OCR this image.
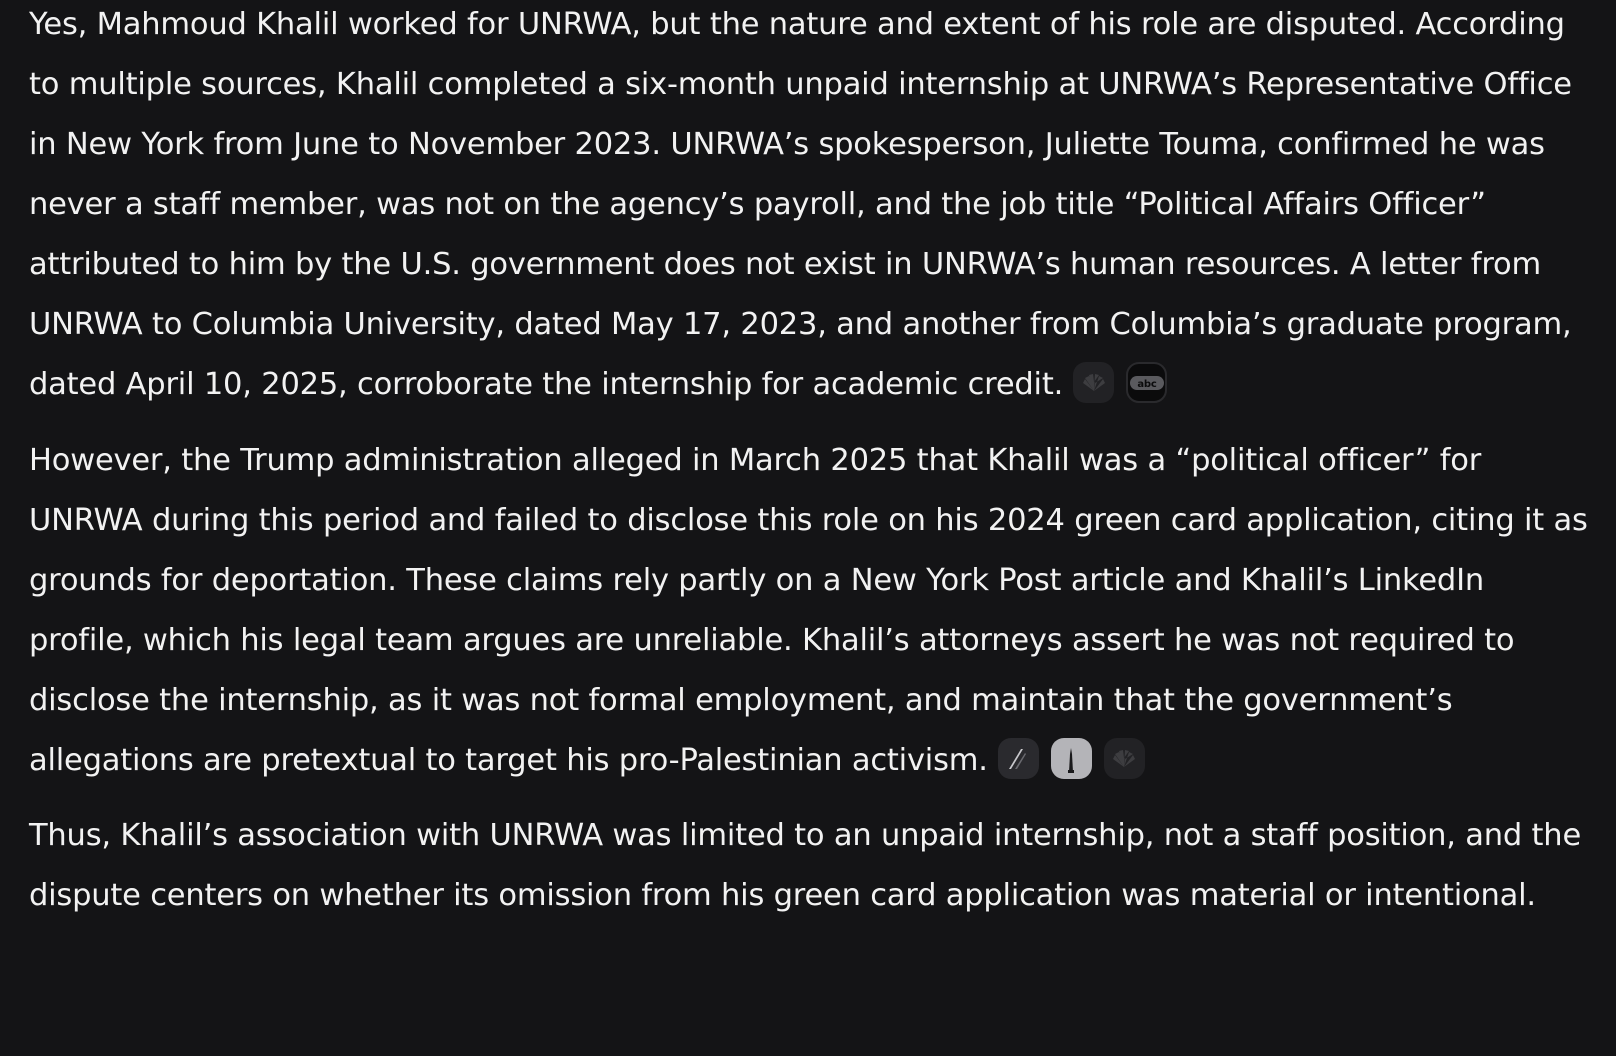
Yes, Mahmoud Khalil worked for UNRWA, but the nature and extent of his role are disputed. According to multiple sources, Khalil completed a six-month unpaid internship at UNRWA’s Representative Office in New York from June to November 2023. UNRWA’s spokesperson, Juliette Touma, confirmed he was never a staff member, was not on the agency’s payroll, and the job title “Political Affairs Officer” attributed to him by the U.S. government does not exist in UNRWA’s human resources. A letter from UNRWA to Columbia University, dated May 17, 2023, and another from Columbia’s graduate program, dated April 10, 2025, corroborate the internship for academic credit.	abc

However, the Trump administration alleged in March 2025 that Khalil was a “political officer” for UNRWA during this period and failed to disclose this role on his 2024 green card application, citing it as grounds for deportation. These claims rely partly on a New York Post article and Khalil’s LinkedIn profile, which his legal team argues are unreliable. Khalil’s attorneys assert he was not required to disclose the internship, as it was not formal employment, and maintain that the government’s allegations are pretextual to target his pro-Palestinian activism.

Thus, Khalil’s association with UNRWA was limited to an unpaid internship, not a staff position, and the dispute centers on whether its omission from his green card application was material or intentional.
